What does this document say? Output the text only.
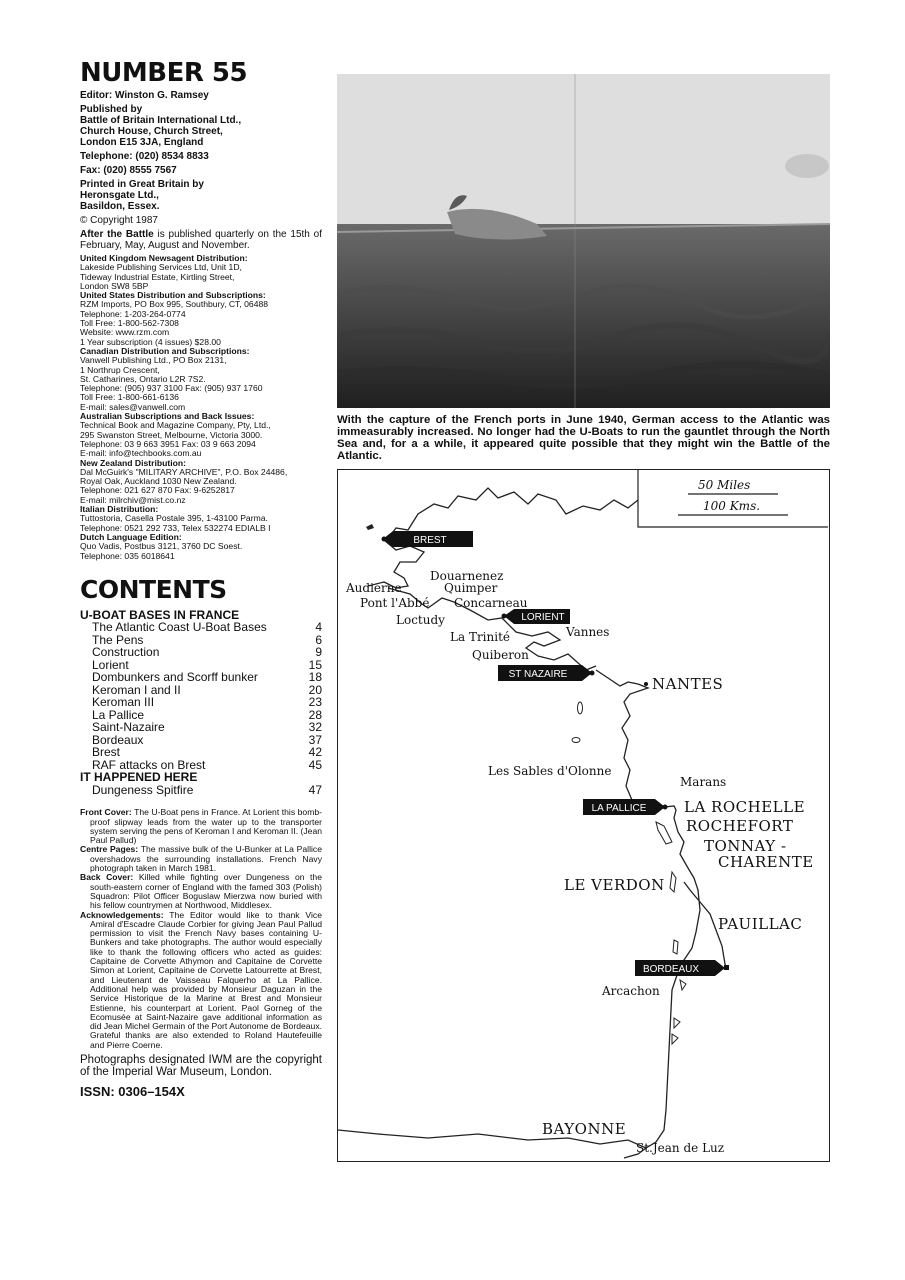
NUMBER 55
Editor: Winston G. Ramsey
Published by
Battle of Britain International Ltd.,
Church House, Church Street,
London E15 3JA, England
Telephone: (020) 8534 8833
Fax: (020) 8555 7567
Printed in Great Britain by
Heronsgate Ltd.,
Basildon, Essex.
© Copyright 1987
After the Battle is published quarterly on the 15th of February, May, August and November.
United Kingdom Newsagent Distribution:
Lakeside Publishing Services Ltd, Unit 1D,
Tideway Industrial Estate, Kirtling Street,
London SW8 5BP
United States Distribution and Subscriptions:
RZM Imports, PO Box 995, Southbury, CT, 06488
Telephone: 1-203-264-0774
Toll Free: 1-800-562-7308
Website: www.rzm.com
1 Year subscription (4 issues) $28.00
Canadian Distribution and Subscriptions:
Vanwell Publishing Ltd., PO Box 2131,
1 Northrup Crescent,
St. Catharines, Ontario L2R 7S2.
Telephone: (905) 937 3100 Fax: (905) 937 1760
Toll Free: 1-800-661-6136
E-mail: sales@vanwell.com
Australian Subscriptions and Back Issues:
Technical Book and Magazine Company, Pty, Ltd.,
295 Swanston Street, Melbourne, Victoria 3000.
Telephone: 03 9 663 3951 Fax: 03 9 663 2094
E-mail: info@techbooks.com.au
New Zealand Distribution:
Dal McGuirk's "MILITARY ARCHIVE", P.O. Box 24486,
Royal Oak, Auckland 1030 New Zealand.
Telephone: 021 627 870 Fax: 9-6252817
E-mail: milrchiv@mist.co.nz
Italian Distribution:
Tuttostoria, Casella Postale 395, 1-43100 Parma.
Telephone: 0521 292 733, Telex 532274 EDIALB I
Dutch Language Edition:
Quo Vadis, Postbus 3121, 3760 DC Soest.
Telephone: 035 6018641
CONTENTS
U-BOAT BASES IN FRANCE
The Atlantic Coast U-Boat Bases	4
The Pens	6
Construction	9
Lorient	15
Dombunkers and Scorff bunker	18
Keroman I and II	20
Keroman III	23
La Pallice	28
Saint-Nazaire	32
Bordeaux	37
Brest	42
RAF attacks on Brest	45
IT HAPPENED HERE
Dungeness Spitfire	47
Front Cover: The U-Boat pens in France. At Lorient this bomb-proof slipway leads from the water up to the transporter system serving the pens of Keroman I and Keroman II. (Jean Paul Pallud)
Centre Pages: The massive bulk of the U-Bunker at La Pallice overshadows the surrounding installations. French Navy photograph taken in March 1981.
Back Cover: Killed while fighting over Dungeness on the south-eastern corner of England with the famed 303 (Polish) Squadron: Pilot Officer Boguslaw Mierzwa now buried with his fellow countrymen at Northwood, Middlesex.
Acknowledgements: The Editor would like to thank Vice Amiral d'Escadre Claude Corbier for giving Jean Paul Pallud permission to visit the French Navy bases containing U-Bunkers and take photographs. The author would especially like to thank the following officers who acted as guides: Capitaine de Corvette Athymon and Capitaine de Corvette Simon at Lorient, Capitaine de Corvette Latourrette at Brest, and Lieutenant de Vaisseau Falquerho at La Pallice. Additional help was provided by Monsieur Daguzan in the Service Historique de la Marine at Brest and Monsieur Estienne, his counterpart at Lorient. Paol Gorneg of the Ecomusée at Saint-Nazaire gave additional information as did Jean Michel Germain of the Port Autonome de Bordeaux. Grateful thanks are also extended to Roland Hautefeuille and Pierre Coerne.
Photographs designated IWM are the copyright of the Imperial War Museum, London.
ISSN: 0306–154X
With the capture of the French ports in June 1940, German access to the Atlantic was immeasurably increased. No longer had the U-Boats to run the gauntlet through the North Sea and, for a a while, it appeared quite possible that they might win the Battle of the Atlantic.
50 Miles
100 Kms.
BREST
LORIENT
ST NAZAIRE
LA PALLICE
BORDEAUX
Douarnenez
Audierne	Quimper
Pont l'Abbé Concarneau
Loctudy
Vannes
La Trinité
Quiberon
Les Sables d'Olonne
Marans
Arcachon
St.Jean de Luz
NANTES
LA ROCHELLE
ROCHEFORT
TONNAY -
CHARENTE
LE VERDON
PAUILLAC
BAYONNE
